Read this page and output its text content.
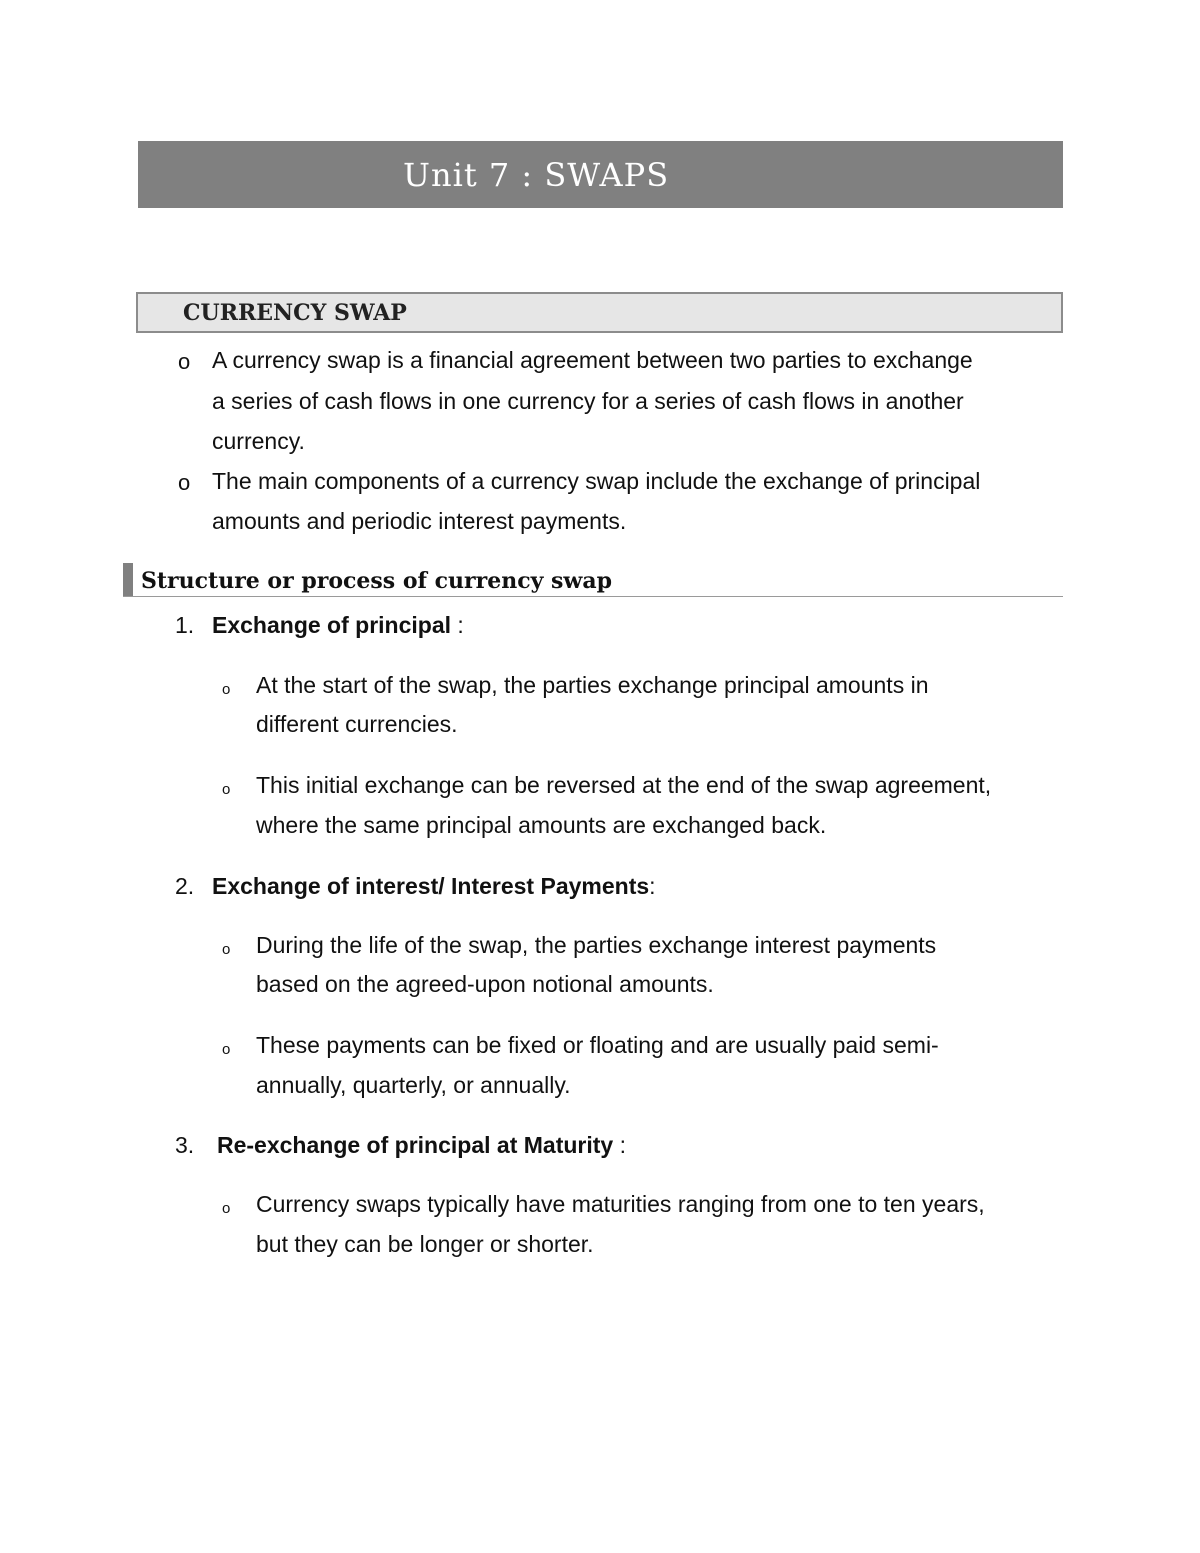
Unit 7 : SWAPS
CURRENCY SWAP
o A currency swap is a financial agreement between two parties to exchange
a series of cash flows in one currency for a series of cash flows in another
currency.
o The main components of a currency swap include the exchange of principal
amounts and periodic interest payments.
Structure or process of currency swap
1. Exchange of principal :
o At the start of the swap, the parties exchange principal amounts in
different currencies.
o This initial exchange can be reversed at the end of the swap agreement,
where the same principal amounts are exchanged back.
2. Exchange of interest/ Interest Payments:
o During the life of the swap, the parties exchange interest payments
based on the agreed-upon notional amounts.
o These payments can be fixed or floating and are usually paid semi-
annually, quarterly, or annually.
3. Re-exchange of principal at Maturity :
o Currency swaps typically have maturities ranging from one to ten years,
but they can be longer or shorter.
